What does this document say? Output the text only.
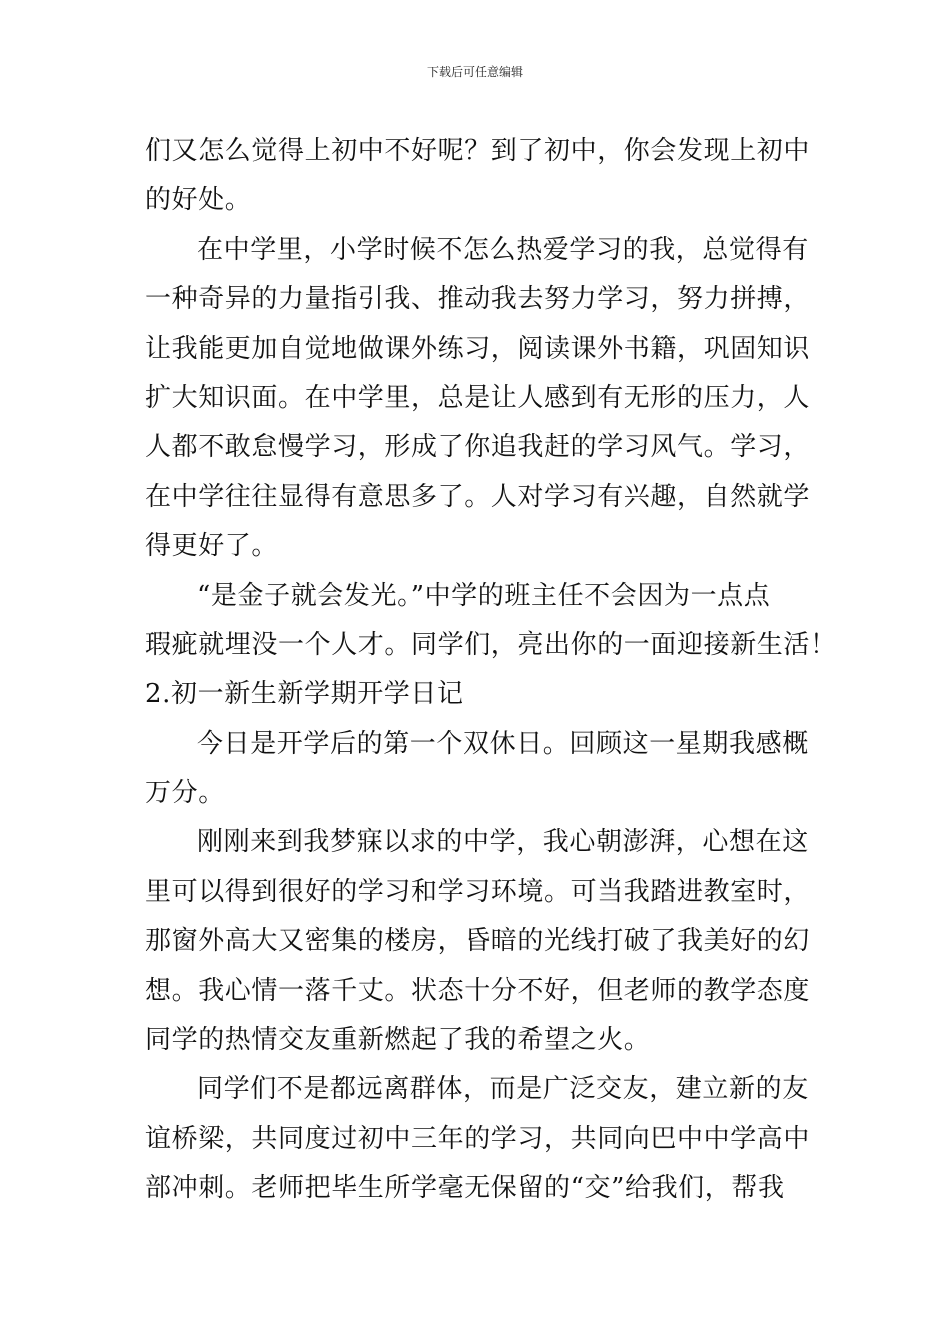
下载后可任意编辑
们又怎么觉得上初中不好呢？到了初中，你会发现上初中
的好处。
在中学里，小学时候不怎么热爱学习的我，总觉得有
一种奇异的力量指引我、推动我去努力学习，努力拼搏，
让我能更加自觉地做课外练习，阅读课外书籍，巩固知识
扩大知识面。在中学里，总是让人感到有无形的压力，人
人都不敢怠慢学习，形成了你追我赶的学习风气。学习，
在中学往往显得有意思多了。人对学习有兴趣，自然就学
得更好了。
“是金子就会发光。”中学的班主任不会因为一点点
瑕疵就埋没一个人才。同学们，亮出你的一面迎接新生活！
2.初一新生新学期开学日记
今日是开学后的第一个双休日。回顾这一星期我感概
万分。
刚刚来到我梦寐以求的中学，我心朝澎湃，心想在这
里可以得到很好的学习和学习环境。可当我踏进教室时，
那窗外高大又密集的楼房，昏暗的光线打破了我美好的幻
想。我心情一落千丈。状态十分不好，但老师的教学态度
同学的热情交友重新燃起了我的希望之火。
同学们不是都远离群体，而是广泛交友，建立新的友
谊桥梁，共同度过初中三年的学习，共同向巴中中学高中
部冲刺。老师把毕生所学毫无保留的“交”给我们，帮我
